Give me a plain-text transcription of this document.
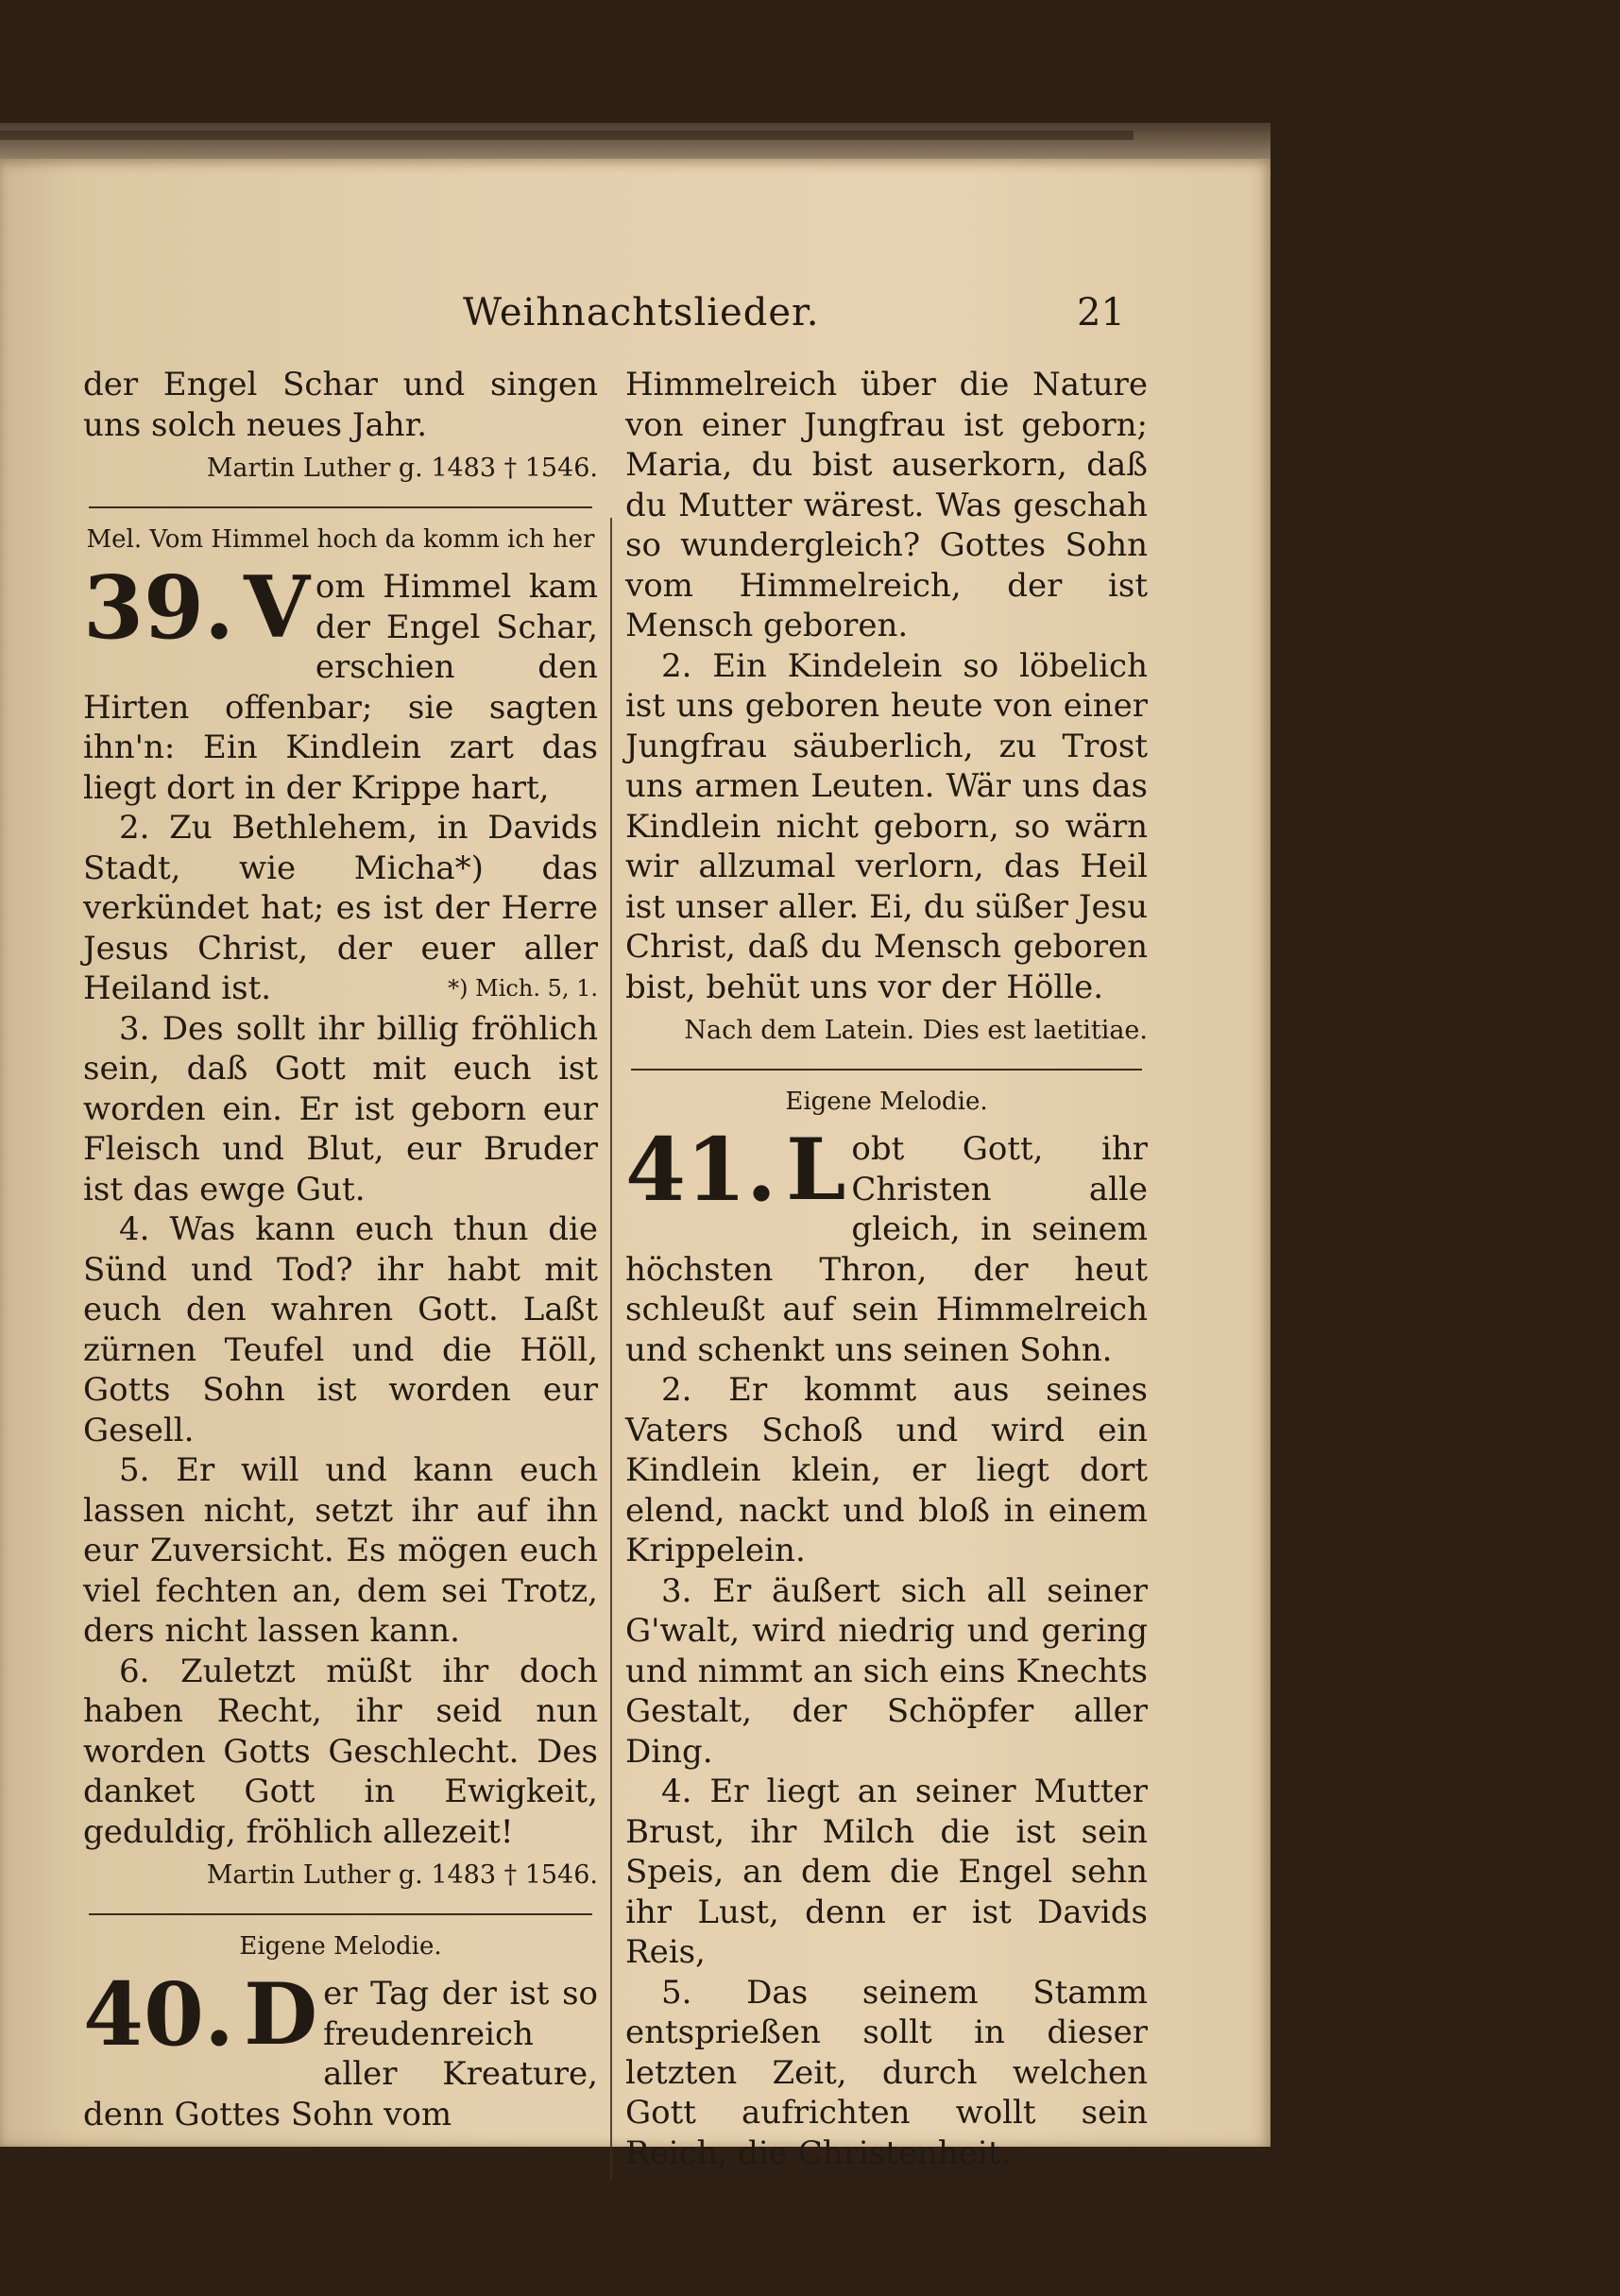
Weihnachtslieder.	21

der Engel Schar und singen uns solch neues Jahr.

Martin Luther g. 1483 † 1546.

Mel. Vom Himmel hoch da komm ich her

39. V om Himmel kam der Engel Schar, erschien den Hirten offenbar; sie sagten ihn'n: Ein Kindlein zart das liegt dort in der Krippe hart,

2. Zu Bethlehem, in Davids Stadt, wie Micha*) das verkündet hat; es ist der Herre Jesus Christ, der euer aller Heiland ist.	*) Mich. 5, 1.

3. Des sollt ihr billig fröhlich sein, daß Gott mit euch ist worden ein. Er ist geborn eur Fleisch und Blut, eur Bruder ist das ewge Gut.

4. Was kann euch thun die Sünd und Tod? ihr habt mit euch den wahren Gott. Laßt zürnen Teufel und die Höll, Gotts Sohn ist worden eur Gesell.

5. Er will und kann euch lassen nicht, setzt ihr auf ihn eur Zuversicht. Es mögen euch viel fechten an, dem sei Trotz, ders nicht lassen kann.

6. Zuletzt müßt ihr doch haben Recht, ihr seid nun worden Gotts Geschlecht. Des danket Gott in Ewigkeit, geduldig, fröhlich allezeit!

Martin Luther g. 1483 † 1546.

Eigene Melodie.

40. D er Tag der ist so freudenreich aller Kreature, denn Gottes Sohn vom

Himmelreich über die Nature von einer Jungfrau ist geborn; Maria, du bist auserkorn, daß du Mutter wärest. Was geschah so wundergleich? Gottes Sohn vom Himmelreich, der ist Mensch geboren.

2. Ein Kindelein so löbelich ist uns geboren heute von einer Jungfrau säuberlich, zu Trost uns armen Leuten. Wär uns das Kindlein nicht geborn, so wärn wir allzumal verlorn, das Heil ist unser aller. Ei, du süßer Jesu Christ, daß du Mensch geboren bist, behüt uns vor der Hölle.

Nach dem Latein. Dies est laetitiae.

Eigene Melodie.

41. L obt Gott, ihr Christen alle gleich, in seinem höchsten Thron, der heut schleußt auf sein Himmelreich und schenkt uns seinen Sohn.

2. Er kommt aus seines Vaters Schoß und wird ein Kindlein klein, er liegt dort elend, nackt und bloß in einem Krippelein.

3. Er äußert sich all seiner G'walt, wird niedrig und gering und nimmt an sich eins Knechts Gestalt, der Schöpfer aller Ding.

4. Er liegt an seiner Mutter Brust, ihr Milch die ist sein Speis, an dem die Engel sehn ihr Lust, denn er ist Davids Reis,

5. Das seinem Stamm entsprießen sollt in dieser letzten Zeit, durch welchen Gott aufrichten wollt sein Reich, die Christenheit.
